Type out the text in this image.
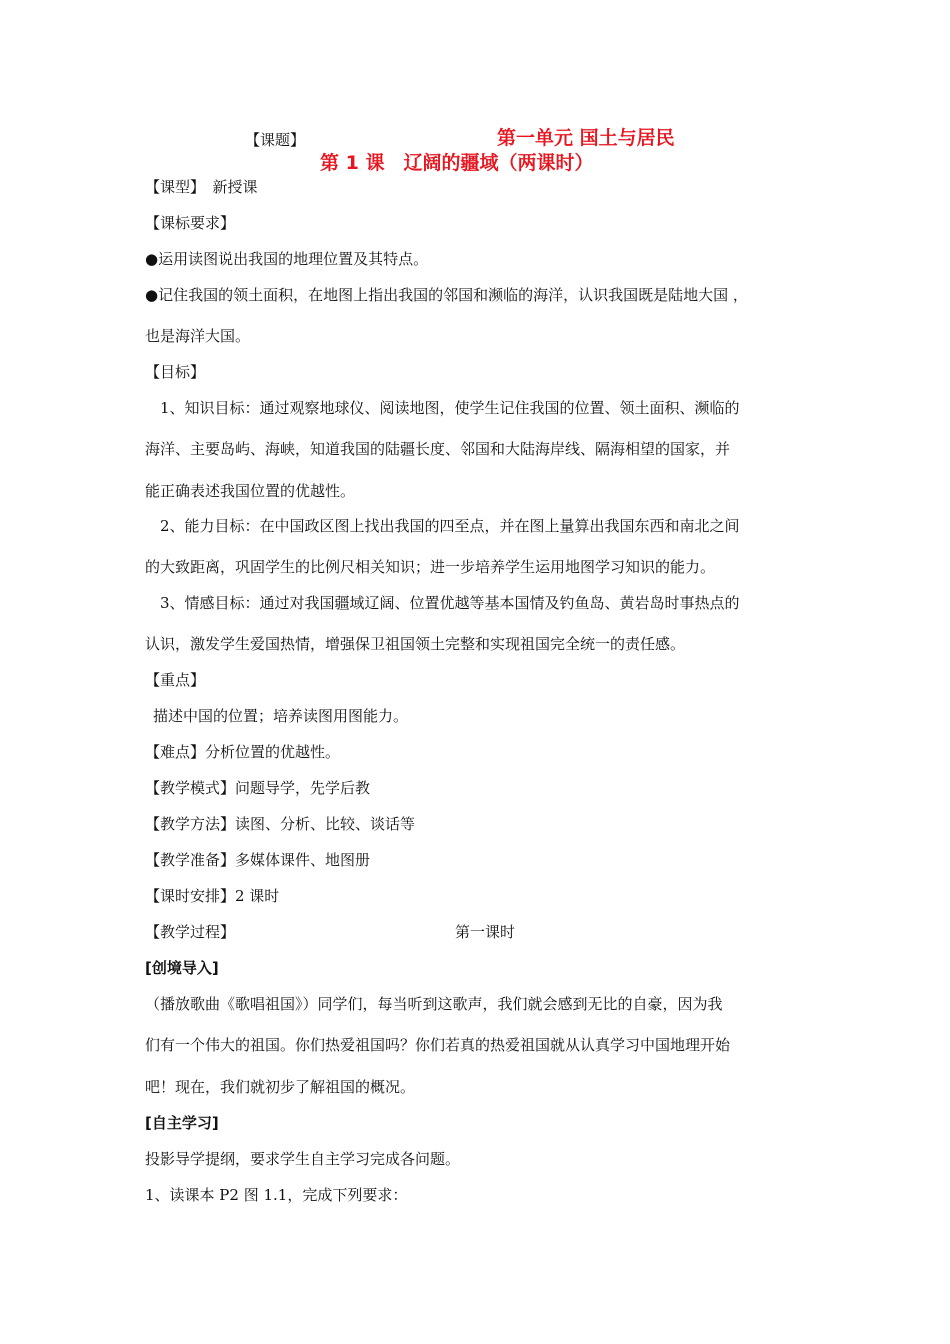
【课题】	第一单元 国土与居民
第 1 课　辽阔的疆域（两课时）
【课型】　新授课
【课标要求】
●运用读图说出我国的地理位置及其特点。
●记住我国的领土面积，在地图上指出我国的邻国和濒临的海洋，认识我国既是陆地大国 ，
也是海洋大国。
【目标】
1、知识目标：通过观察地球仪、阅读地图，使学生记住我国的位置、领土面积、濒临的
海洋、主要岛屿、海峡，知道我国的陆疆长度、邻国和大陆海岸线、隔海相望的国家，并
能正确表述我国位置的优越性。
2、能力目标：在中国政区图上找出我国的四至点，并在图上量算出我国东西和南北之间
的大致距离，巩固学生的比例尺相关知识；进一步培养学生运用地图学习知识的能力。
3、情感目标：通过对我国疆域辽阔、位置优越等基本国情及钓鱼岛、黄岩岛时事热点的
认识，激发学生爱国热情，增强保卫祖国领土完整和实现祖国完全统一的责任感。
【重点】
描述中国的位置；培养读图用图能力。
【难点】分析位置的优越性。
【教学模式】问题导学，先学后教
【教学方法】读图、分析、比较、谈话等
【教学准备】多媒体课件、地图册
【课时安排】2 课时
【教学过程】	第一课时
[创境导入]
（播放歌曲《歌唱祖国》）同学们，每当听到这歌声，我们就会感到无比的自豪，因为我
们有一个伟大的祖国。你们热爱祖国吗？你们若真的热爱祖国就从认真学习中国地理开始
吧！现在，我们就初步了解祖国的概况。
[自主学习]
投影导学提纲，要求学生自主学习完成各问题。
1、读课本 P2 图 1.1，完成下列要求：
